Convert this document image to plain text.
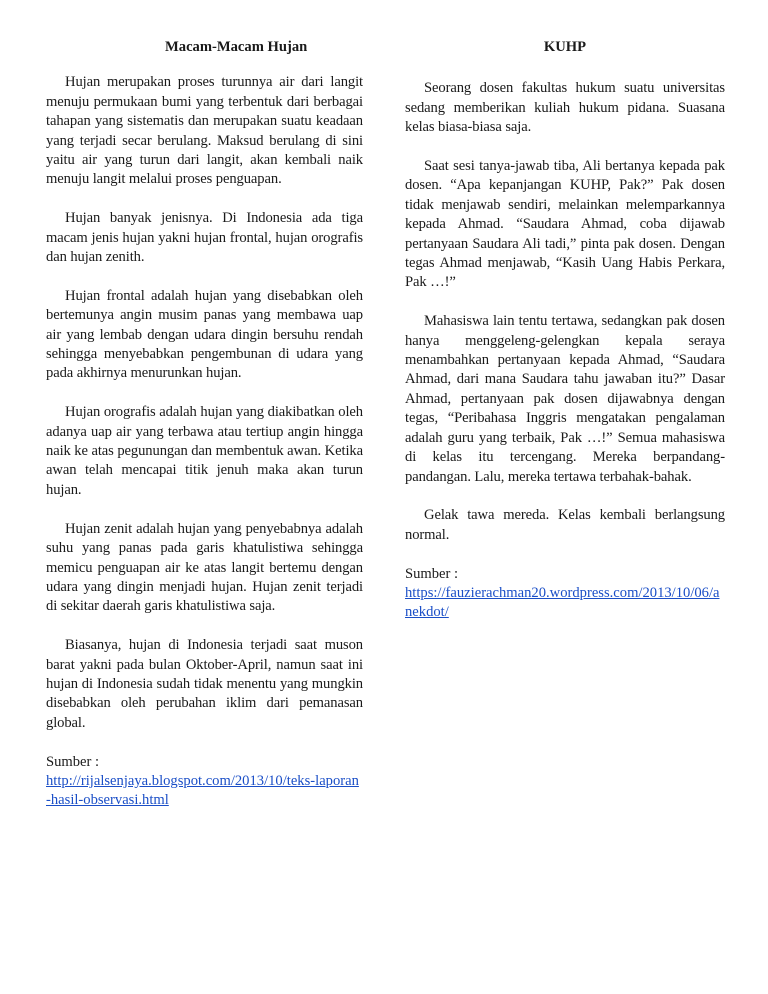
Macam-Macam Hujan

Hujan merupakan proses turunnya air dari langit menuju permukaan bumi yang terbentuk dari berbagai tahapan yang sistematis dan merupakan suatu keadaan yang terjadi secar berulang. Maksud berulang di sini yaitu air yang turun dari langit, akan kembali naik menuju langit melalui proses penguapan.

Hujan banyak jenisnya. Di Indonesia ada tiga macam jenis hujan yakni hujan frontal, hujan orografis dan hujan zenith.

Hujan frontal adalah hujan yang disebabkan oleh bertemunya angin musim panas yang membawa uap air yang lembab dengan udara dingin bersuhu rendah sehingga menyebabkan pengembunan di udara yang pada akhirnya menurunkan hujan.

Hujan orografis adalah hujan yang diakibatkan oleh adanya uap air yang terbawa atau tertiup angin hingga naik ke atas pegunungan dan membentuk awan. Ketika awan telah mencapai titik jenuh maka akan turun hujan.

Hujan zenit adalah hujan yang penyebabnya adalah suhu yang panas pada garis khatulistiwa sehingga memicu penguapan air ke atas langit bertemu dengan udara yang dingin menjadi hujan. Hujan zenit terjadi di sekitar daerah garis khatulistiwa saja.

Biasanya, hujan di Indonesia terjadi saat muson barat yakni pada bulan Oktober-April, namun saat ini hujan di Indonesia sudah tidak menentu yang mungkin disebabkan oleh perubahan iklim dari pemanasan global.

Sumber :

http://rijalsenjaya.blogspot.com/2013/10/teks-laporan-hasil-observasi.html

KUHP

Seorang dosen fakultas hukum suatu universitas sedang memberikan kuliah hukum pidana. Suasana kelas biasa-biasa saja.

Saat sesi tanya-jawab tiba, Ali bertanya kepada pak dosen. “Apa kepanjangan KUHP, Pak?” Pak dosen tidak menjawab sendiri, melainkan melemparkannya kepada Ahmad. “Saudara Ahmad, coba dijawab pertanyaan Saudara Ali tadi,” pinta pak dosen. Dengan tegas Ahmad menjawab, “Kasih Uang Habis Perkara, Pak …!”

Mahasiswa lain tentu tertawa, sedangkan pak dosen hanya menggeleng-gelengkan kepala seraya menambahkan pertanyaan kepada Ahmad, “Saudara Ahmad, dari mana Saudara tahu jawaban itu?” Dasar Ahmad, pertanyaan pak dosen dijawabnya dengan tegas, “Peribahasa Inggris mengatakan pengalaman adalah guru yang terbaik, Pak …!” Semua mahasiswa di kelas itu tercengang. Mereka berpandang-pandangan. Lalu, mereka tertawa terbahak-bahak.

Gelak tawa mereda. Kelas kembali berlangsung normal.

Sumber :

https://fauzierachman20.wordpress.com/2013/10/06/anekdot/
